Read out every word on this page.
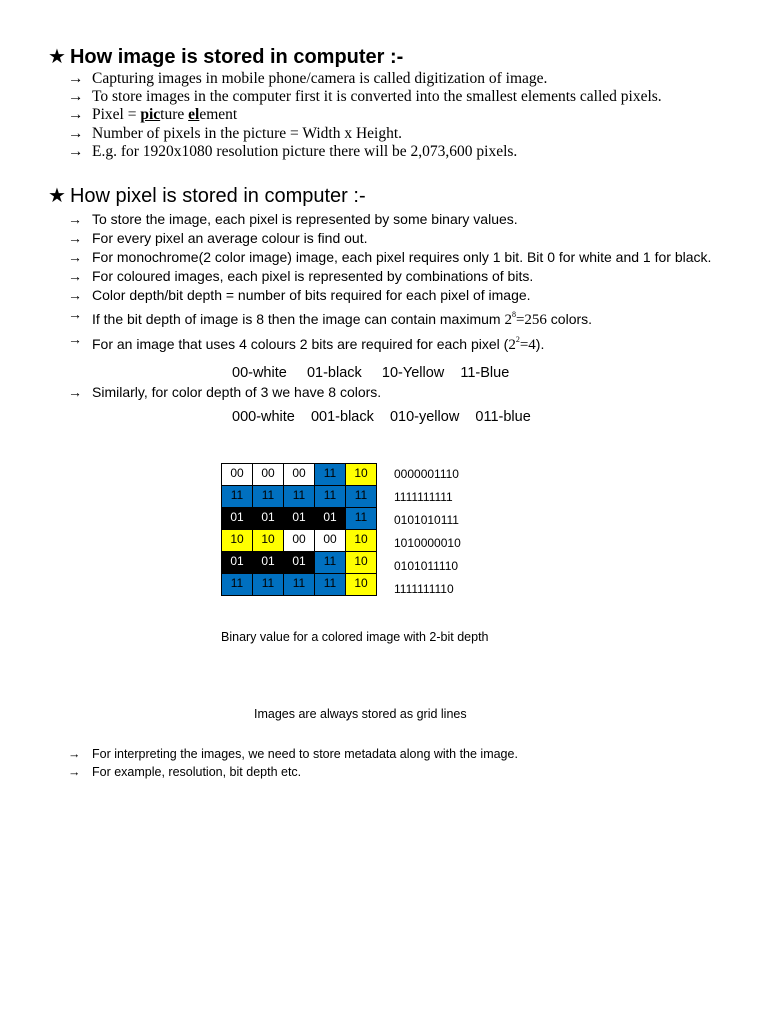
★ How image is stored in computer :-
→ Capturing images in mobile phone/camera is called digitization of image.
→ To store images in the computer first it is converted into the smallest elements called pixels.
→ Pixel = picture element
→ Number of pixels in the picture = Width x Height.
→ E.g. for 1920x1080 resolution picture there will be 2,073,600 pixels.
★ How pixel is stored in computer :-
→ To store the image, each pixel is represented by some binary values.
→ For every pixel an average colour is find out.
→ For monochrome(2 color image) image, each pixel requires only 1 bit. Bit 0 for white and 1 for black.
→ For coloured images, each pixel is represented by combinations of bits.
→ Color depth/bit depth = number of bits required for each pixel of image.
→ If the bit depth of image is 8 then the image can contain maximum $2^8=256$ colors.
→ For an image that uses 4 colours 2 bits are required for each pixel $(2^2=4)$.
00-white     01-black     10-Yellow    11-Blue
→ Similarly, for color depth of 3 we have 8 colors.
000-white    001-black    010-yellow    011-blue
00	00	00	11	10
11	11	11	11	11
01	01	01	01	11
10	10	00	00	10
01	01	01	11	10
11	11	11	11	10
0000001110
1111111111
0101010111
1010000010
0101011110
1111111110
Binary value for a colored image with 2-bit depth
Images are always stored as grid lines
→ For interpreting the images, we need to store metadata along with the image.
→ For example, resolution, bit depth etc.
